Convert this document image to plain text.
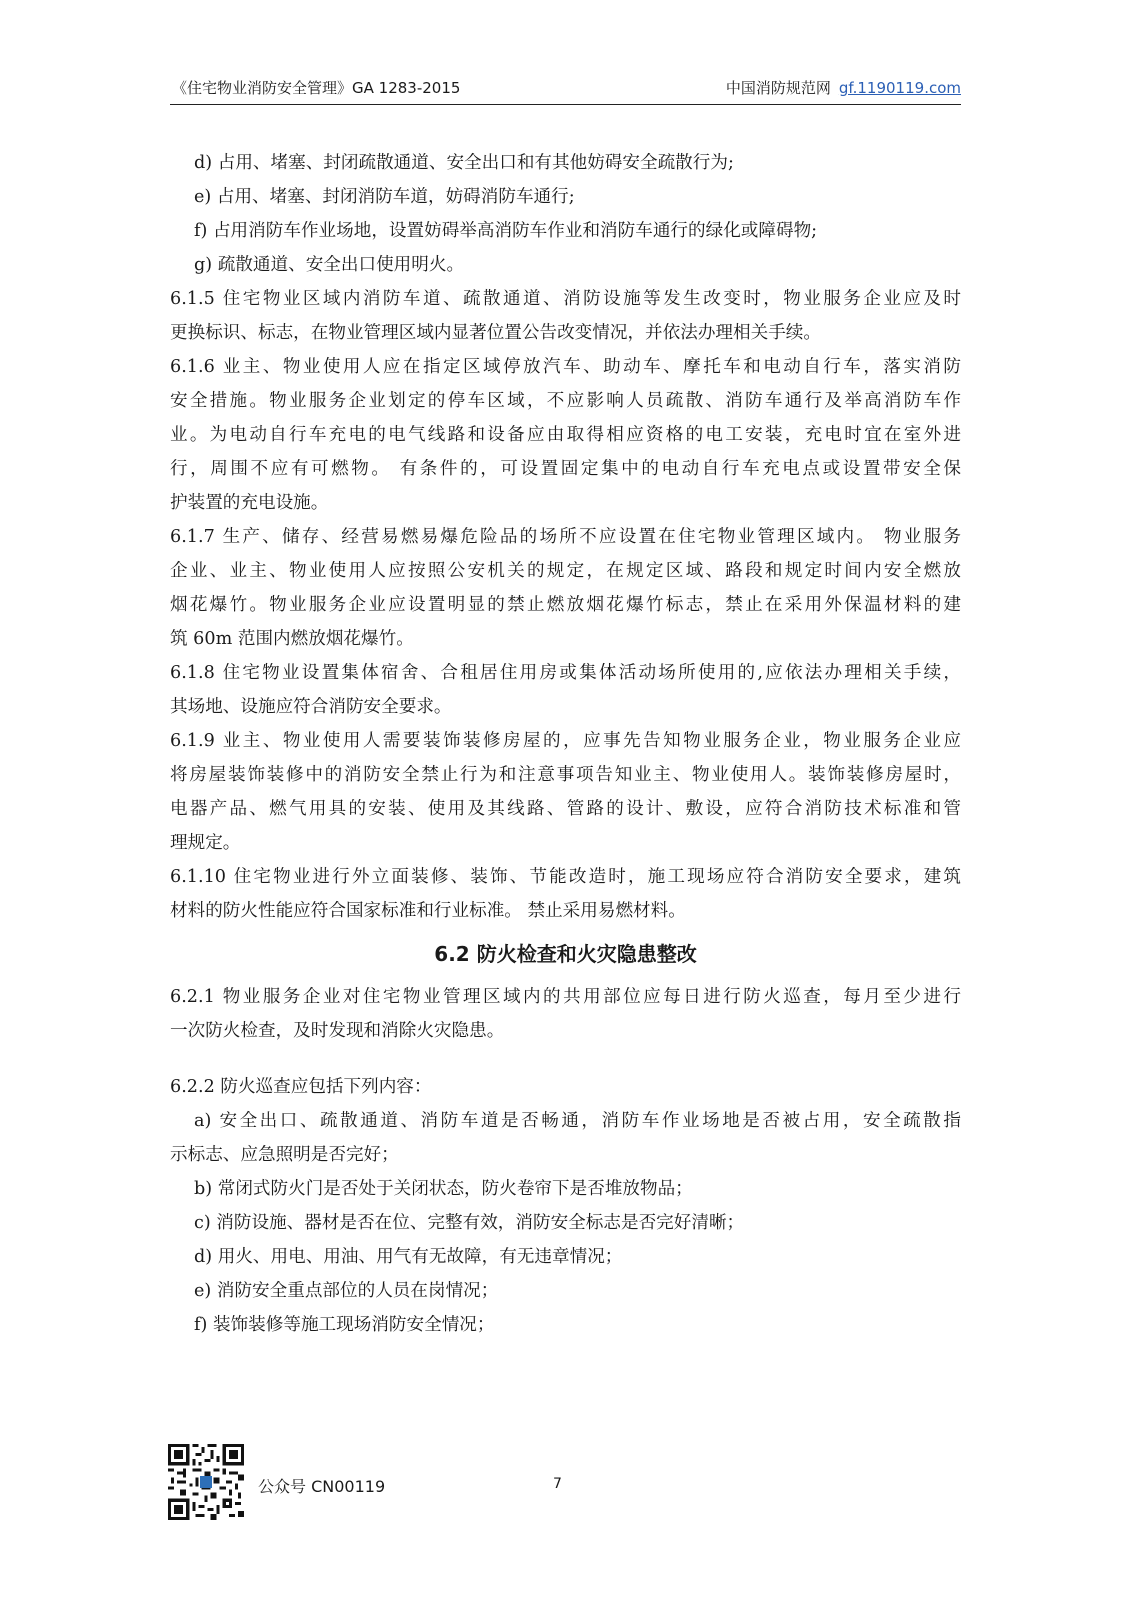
《住宅物业消防安全管理》GA 1283-2015	中国消防规范网 gf.1190119.com
d) 占用、堵塞、封闭疏散通道、安全出口和有其他妨碍安全疏散行为;
e) 占用、堵塞、封闭消防车道，妨碍消防车通行;
f) 占用消防车作业场地，设置妨碍举高消防车作业和消防车通行的绿化或障碍物;
g) 疏散通道、安全出口使用明火。
6.1.5 住宅物业区域内消防车道、疏散通道、消防设施等发生改变时，物业服务企业应及时
更换标识、标志，在物业管理区域内显著位置公告改变情况，并依法办理相关手续。
6.1.6 业主、物业使用人应在指定区域停放汽车、助动车、摩托车和电动自行车，落实消防
安全措施。物业服务企业划定的停车区域，不应影响人员疏散、消防车通行及举高消防车作
业。为电动自行车充电的电气线路和设备应由取得相应资格的电工安装，充电时宜在室外进
行，周围不应有可燃物。 有条件的，可设置固定集中的电动自行车充电点或设置带安全保
护装置的充电设施。
6.1.7 生产、储存、经营易燃易爆危险品的场所不应设置在住宅物业管理区域内。 物业服务
企业、业主、物业使用人应按照公安机关的规定，在规定区域、路段和规定时间内安全燃放
烟花爆竹。物业服务企业应设置明显的禁止燃放烟花爆竹标志，禁止在采用外保温材料的建
筑 60m 范围内燃放烟花爆竹。
6.1.8 住宅物业设置集体宿舍、合租居住用房或集体活动场所使用的,应依法办理相关手续，
其场地、设施应符合消防安全要求。
6.1.9 业主、物业使用人需要装饰装修房屋的，应事先告知物业服务企业，物业服务企业应
将房屋装饰装修中的消防安全禁止行为和注意事项告知业主、物业使用人。装饰装修房屋时，
电器产品、燃气用具的安装、使用及其线路、管路的设计、敷设，应符合消防技术标准和管
理规定。
6.1.10 住宅物业进行外立面装修、装饰、节能改造时，施工现场应符合消防安全要求，建筑
材料的防火性能应符合国家标准和行业标准。 禁止采用易燃材料。
6.2 防火检查和火灾隐患整改
6.2.1 物业服务企业对住宅物业管理区域内的共用部位应每日进行防火巡查，每月至少进行
一次防火检查，及时发现和消除火灾隐患。
6.2.2 防火巡查应包括下列内容：
a) 安全出口、疏散通道、消防车道是否畅通，消防车作业场地是否被占用，安全疏散指
示标志、应急照明是否完好；
b) 常闭式防火门是否处于关闭状态，防火卷帘下是否堆放物品；
c) 消防设施、器材是否在位、完整有效，消防安全标志是否完好清晰；
d) 用火、用电、用油、用气有无故障，有无违章情况；
e) 消防安全重点部位的人员在岗情况；
f) 装饰装修等施工现场消防安全情况；
公众号 CN00119	7
